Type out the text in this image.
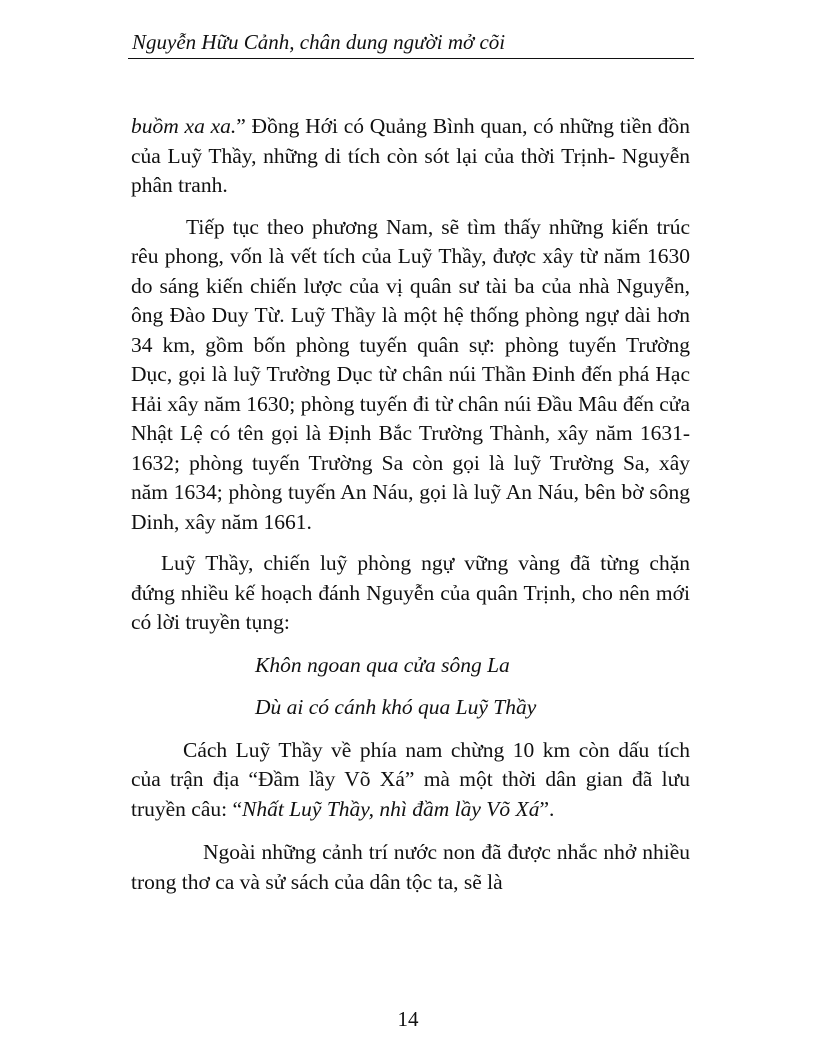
Nguyễn Hữu Cảnh, chân dung người mở cõi

buồm xa xa.” Đồng Hới có Quảng Bình quan, có những tiền đồn của Luỹ Thầy, những di tích còn sót lại của thời Trịnh- Nguyễn phân tranh.

Tiếp tục theo phương Nam, sẽ tìm thấy những kiến trúc rêu phong, vốn là vết tích của Luỹ Thầy, được xây từ năm 1630 do sáng kiến chiến lược của vị quân sư tài ba của nhà Nguyễn, ông Đào Duy Từ. Luỹ Thầy là một hệ thống phòng ngự dài hơn 34 km, gồm bốn phòng tuyến quân sự: phòng tuyến Trường Dục, gọi là luỹ Trường Dục từ chân núi Thần Đinh đến phá Hạc Hải xây năm 1630; phòng tuyến đi từ chân núi Đầu Mâu đến cửa Nhật Lệ có tên gọi là Định Bắc Trường Thành, xây năm 1631- 1632; phòng tuyến Trường Sa còn gọi là luỹ Trường Sa, xây năm 1634; phòng tuyến An Náu, gọi là luỹ An Náu, bên bờ sông Dinh, xây năm 1661.

Luỹ Thầy, chiến luỹ phòng ngự vững vàng đã từng chặn đứng nhiều kế hoạch đánh Nguyễn của quân Trịnh, cho nên mới có lời truyền tụng:

Khôn ngoan qua cửa sông La

Dù ai có cánh khó qua Luỹ Thầy

Cách Luỹ Thầy về phía nam chừng 10 km còn dấu tích của trận địa “Đầm lầy Võ Xá” mà một thời dân gian đã lưu truyền câu: “Nhất Luỹ Thầy, nhì đầm lầy Võ Xá”.

Ngoài những cảnh trí nước non đã được nhắc nhở nhiều trong thơ ca và sử sách của dân tộc ta, sẽ là

14
